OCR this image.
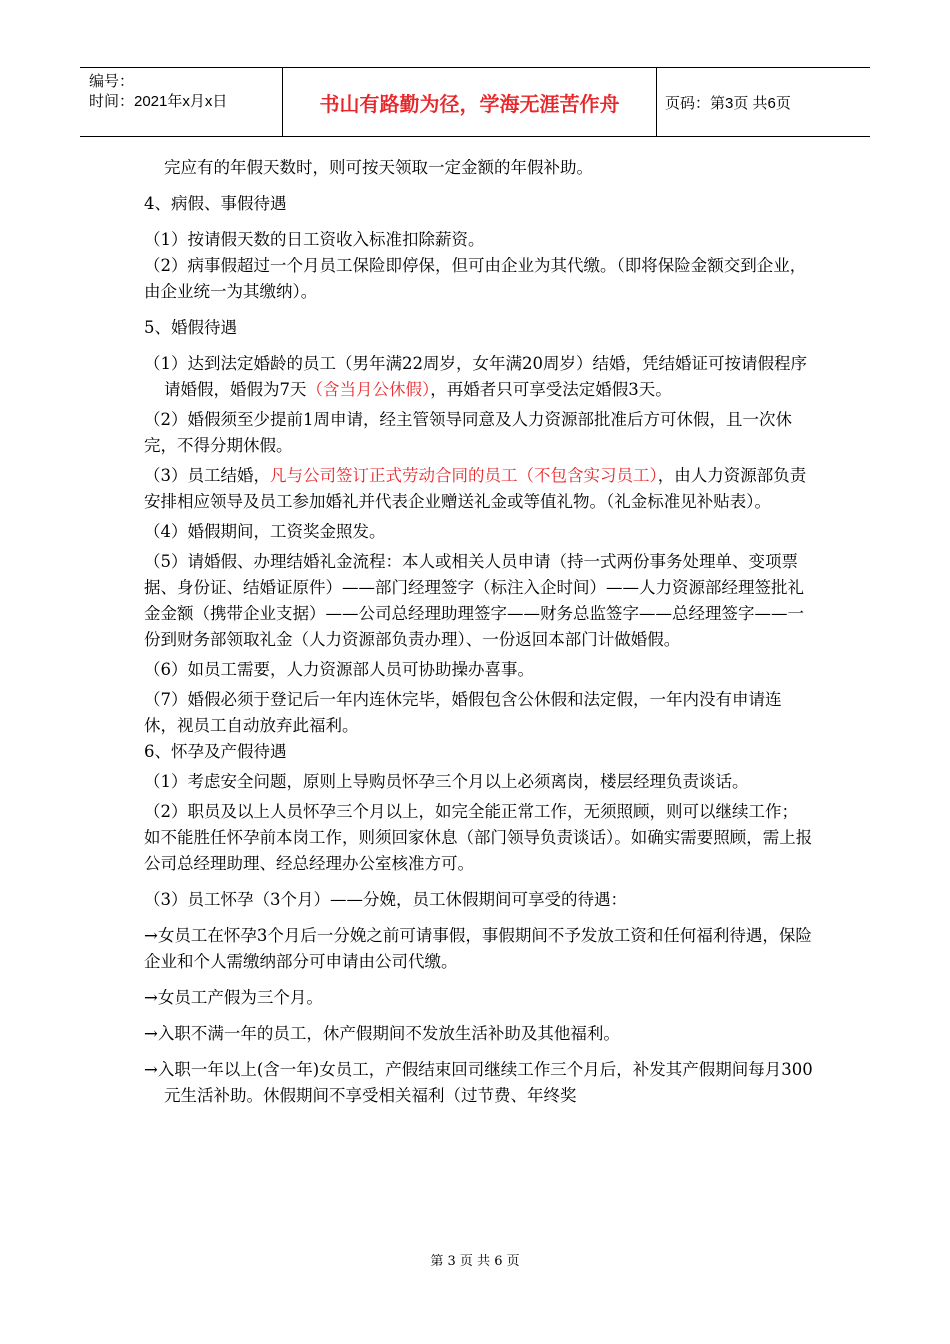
编号：
时间：2021年x月x日	书山有路勤为径，学海无涯苦作舟	页码：第3页 共6页

完应有的年假天数时，则可按天领取一定金额的年假补助。

4、病假、事假待遇

（1）按请假天数的日工资收入标准扣除薪资。

（2）病事假超过一个月员工保险即停保，但可由企业为其代缴。（即将保险金额交到企业，由企业统一为其缴纳）。

5、婚假待遇

（1）达到法定婚龄的员工（男年满22周岁，女年满20周岁）结婚，凭结婚证可按请假程序请婚假，婚假为7天（含当月公休假），再婚者只可享受法定婚假3天。

（2）婚假须至少提前1周申请，经主管领导同意及人力资源部批准后方可休假，且一次休完，不得分期休假。

（3）员工结婚，凡与公司签订正式劳动合同的员工（不包含实习员工），由人力资源部负责安排相应领导及员工参加婚礼并代表企业赠送礼金或等值礼物。（礼金标准见补贴表）。

（4）婚假期间，工资奖金照发。

（5）请婚假、办理结婚礼金流程：本人或相关人员申请（持一式两份事务处理单、变项票据、身份证、结婚证原件）——部门经理签字（标注入企时间）——人力资源部经理签批礼金金额（携带企业支据）——公司总经理助理签字——财务总监签字——总经理签字——一份到财务部领取礼金（人力资源部负责办理）、一份返回本部门计做婚假。

（6）如员工需要，人力资源部人员可协助操办喜事。

（7）婚假必须于登记后一年内连休完毕，婚假包含公休假和法定假，一年内没有申请连休，视员工自动放弃此福利。

6、怀孕及产假待遇

（1）考虑安全问题，原则上导购员怀孕三个月以上必须离岗，楼层经理负责谈话。

（2）职员及以上人员怀孕三个月以上，如完全能正常工作，无须照顾，则可以继续工作；如不能胜任怀孕前本岗工作，则须回家休息（部门领导负责谈话）。如确实需要照顾，需上报公司总经理助理、经总经理办公室核准方可。

（3）员工怀孕（3个月）——分娩，员工休假期间可享受的待遇：

→女员工在怀孕3个月后一分娩之前可请事假，事假期间不予发放工资和任何福利待遇，保险企业和个人需缴纳部分可申请由公司代缴。

→女员工产假为三个月。

→入职不满一年的员工，休产假期间不发放生活补助及其他福利。

→入职一年以上(含一年)女员工，产假结束回司继续工作三个月后，补发其产假期间每月300元生活补助。休假期间不享受相关福利（过节费、年终奖

第 3 页 共 6 页
